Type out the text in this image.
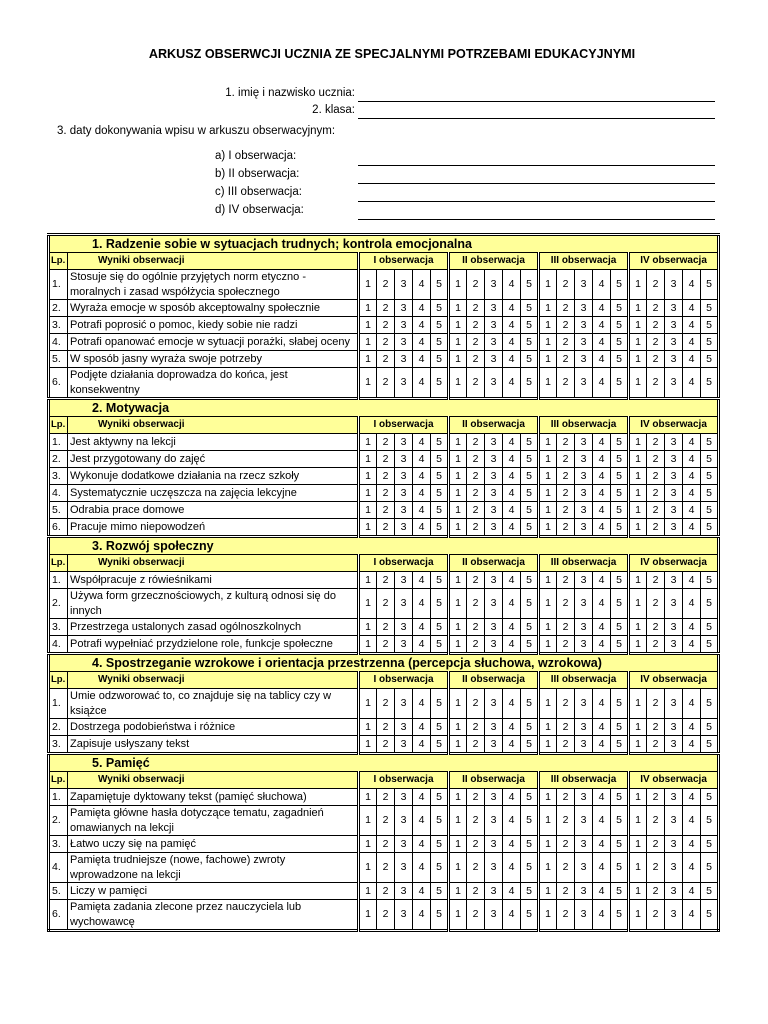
ARKUSZ OBSERWCJI UCZNIA ZE SPECJALNYMI POTRZEBAMI EDUKACYJNYMI
1. imię i nazwisko ucznia:
2. klasa:
3. daty dokonywania wpisu w arkuszu obserwacyjnym:
a) I obserwacja:
b) II obserwacja:
c) III obserwacja:
d) IV obserwacja:
1. Radzenie sobie w sytuacjach trudnych; kontrola emocjonalna																					
Lp.	Wyniki obserwacji	I obserwacja					II obserwacja					III obserwacja					IV obserwacja				
1.	Stosuje się do ogólnie przyjętych norm etyczno - moralnych i zasad współżycia społecznego	1	2	3	4	5	1	2	3	4	5	1	2	3	4	5	1	2	3	4	5
2.	Wyraża emocje w sposób akceptowalny społecznie	1	2	3	4	5	1	2	3	4	5	1	2	3	4	5	1	2	3	4	5
3.	Potrafi poprosić o pomoc, kiedy sobie nie radzi	1	2	3	4	5	1	2	3	4	5	1	2	3	4	5	1	2	3	4	5
4.	Potrafi opanować emocje w sytuacji porażki, słabej oceny	1	2	3	4	5	1	2	3	4	5	1	2	3	4	5	1	2	3	4	5
5.	W sposób jasny wyraża swoje potrzeby	1	2	3	4	5	1	2	3	4	5	1	2	3	4	5	1	2	3	4	5
6.	Podjęte działania doprowadza do końca, jest konsekwentny	1	2	3	4	5	1	2	3	4	5	1	2	3	4	5	1	2	3	4	5
2. Motywacja																					
Lp.	Wyniki obserwacji	I obserwacja					II obserwacja					III obserwacja					IV obserwacja				
1.	Jest aktywny na lekcji	1	2	3	4	5	1	2	3	4	5	1	2	3	4	5	1	2	3	4	5
2.	Jest przygotowany do zajęć	1	2	3	4	5	1	2	3	4	5	1	2	3	4	5	1	2	3	4	5
3.	Wykonuje dodatkowe działania na rzecz szkoły	1	2	3	4	5	1	2	3	4	5	1	2	3	4	5	1	2	3	4	5
4.	Systematycznie uczęszcza na zajęcia lekcyjne	1	2	3	4	5	1	2	3	4	5	1	2	3	4	5	1	2	3	4	5
5.	Odrabia prace domowe	1	2	3	4	5	1	2	3	4	5	1	2	3	4	5	1	2	3	4	5
6.	Pracuje mimo niepowodzeń	1	2	3	4	5	1	2	3	4	5	1	2	3	4	5	1	2	3	4	5
3. Rozwój społeczny																					
Lp.	Wyniki obserwacji	I obserwacja					II obserwacja					III obserwacja					IV obserwacja				
1.	Współpracuje z rówieśnikami	1	2	3	4	5	1	2	3	4	5	1	2	3	4	5	1	2	3	4	5
2.	Używa form grzecznościowych, z kulturą odnosi się do innych	1	2	3	4	5	1	2	3	4	5	1	2	3	4	5	1	2	3	4	5
3.	Przestrzega ustalonych zasad ogólnoszkolnych	1	2	3	4	5	1	2	3	4	5	1	2	3	4	5	1	2	3	4	5
4.	Potrafi wypełniać przydzielone role, funkcje społeczne	1	2	3	4	5	1	2	3	4	5	1	2	3	4	5	1	2	3	4	5
4. Spostrzeganie wzrokowe i orientacja przestrzenna (percepcja słuchowa, wzrokowa)																					
Lp.	Wyniki obserwacji	I obserwacja					II obserwacja					III obserwacja					IV obserwacja				
1.	Umie odzworować to, co znajduje się na tablicy czy w książce	1	2	3	4	5	1	2	3	4	5	1	2	3	4	5	1	2	3	4	5
2.	Dostrzega podobieństwa i różnice	1	2	3	4	5	1	2	3	4	5	1	2	3	4	5	1	2	3	4	5
3.	Zapisuje usłyszany tekst	1	2	3	4	5	1	2	3	4	5	1	2	3	4	5	1	2	3	4	5
5. Pamięć																					
Lp.	Wyniki obserwacji	I obserwacja					II obserwacja					III obserwacja					IV obserwacja				
1.	Zapamiętuje dyktowany tekst (pamięć słuchowa)	1	2	3	4	5	1	2	3	4	5	1	2	3	4	5	1	2	3	4	5
2.	Pamięta główne hasła dotyczące tematu, zagadnień omawianych na lekcji	1	2	3	4	5	1	2	3	4	5	1	2	3	4	5	1	2	3	4	5
3.	Łatwo uczy się na pamięć	1	2	3	4	5	1	2	3	4	5	1	2	3	4	5	1	2	3	4	5
4.	Pamięta trudniejsze (nowe, fachowe) zwroty wprowadzone na lekcji	1	2	3	4	5	1	2	3	4	5	1	2	3	4	5	1	2	3	4	5
5.	Liczy w pamięci	1	2	3	4	5	1	2	3	4	5	1	2	3	4	5	1	2	3	4	5
6.	Pamięta zadania zlecone przez nauczyciela lub wychowawcę	1	2	3	4	5	1	2	3	4	5	1	2	3	4	5	1	2	3	4	5
